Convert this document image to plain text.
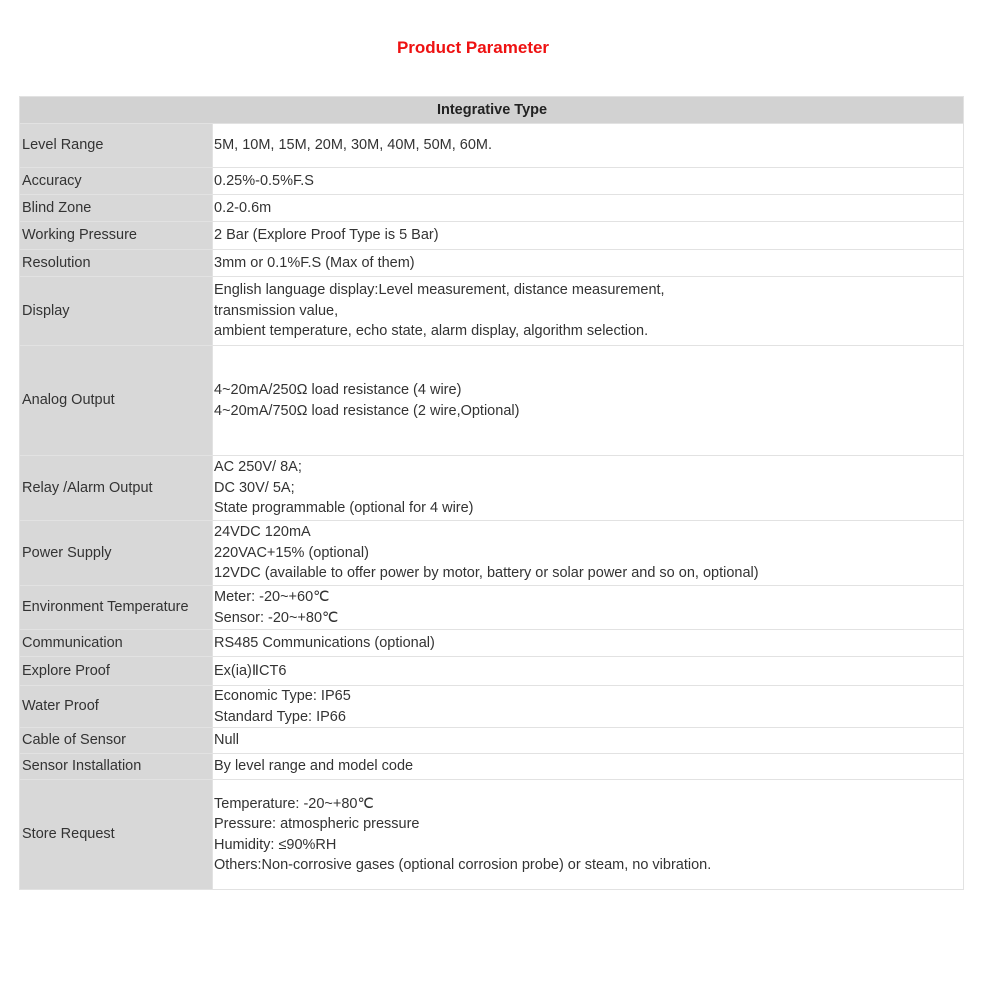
Product Parameter
Integrative Type	
Level Range	5M, 10M, 15M, 20M, 30M, 40M, 50M, 60M.

Accuracy	0.25%-0.5%F.S

Blind Zone	0.2-0.6m

Working Pressure	2 Bar (Explore Proof Type is 5 Bar)

Resolution	3mm or 0.1%F.S (Max of them)

Display	English language display:Level measurement, distance measurement,
transmission value,
ambient temperature, echo state, alarm display, algorithm selection.

Analog Output	4~20mA/250Ω load resistance (4 wire)
4~20mA/750Ω load resistance (2 wire,Optional)

Relay /Alarm Output	AC 250V/ 8A;
DC 30V/ 5A;
State programmable (optional for 4 wire)

Power Supply	24VDC 120mA
220VAC+15% (optional)
12VDC (available to offer power by motor, battery or solar power and so on, optional)

Environment Temperature	Meter: -20~+60℃
Sensor: -20~+80℃

Communication	RS485 Communications (optional)

Explore Proof	Ex(ia)ⅡCT6

Water Proof	Economic Type: IP65
Standard Type: IP66

Cable of Sensor	Null

Sensor Installation	By level range and model code

Store Request	Temperature: -20~+80℃
Pressure: atmospheric pressure
Humidity: ≤90%RH
Others:Non-corrosive gases (optional corrosion probe) or steam, no vibration.
